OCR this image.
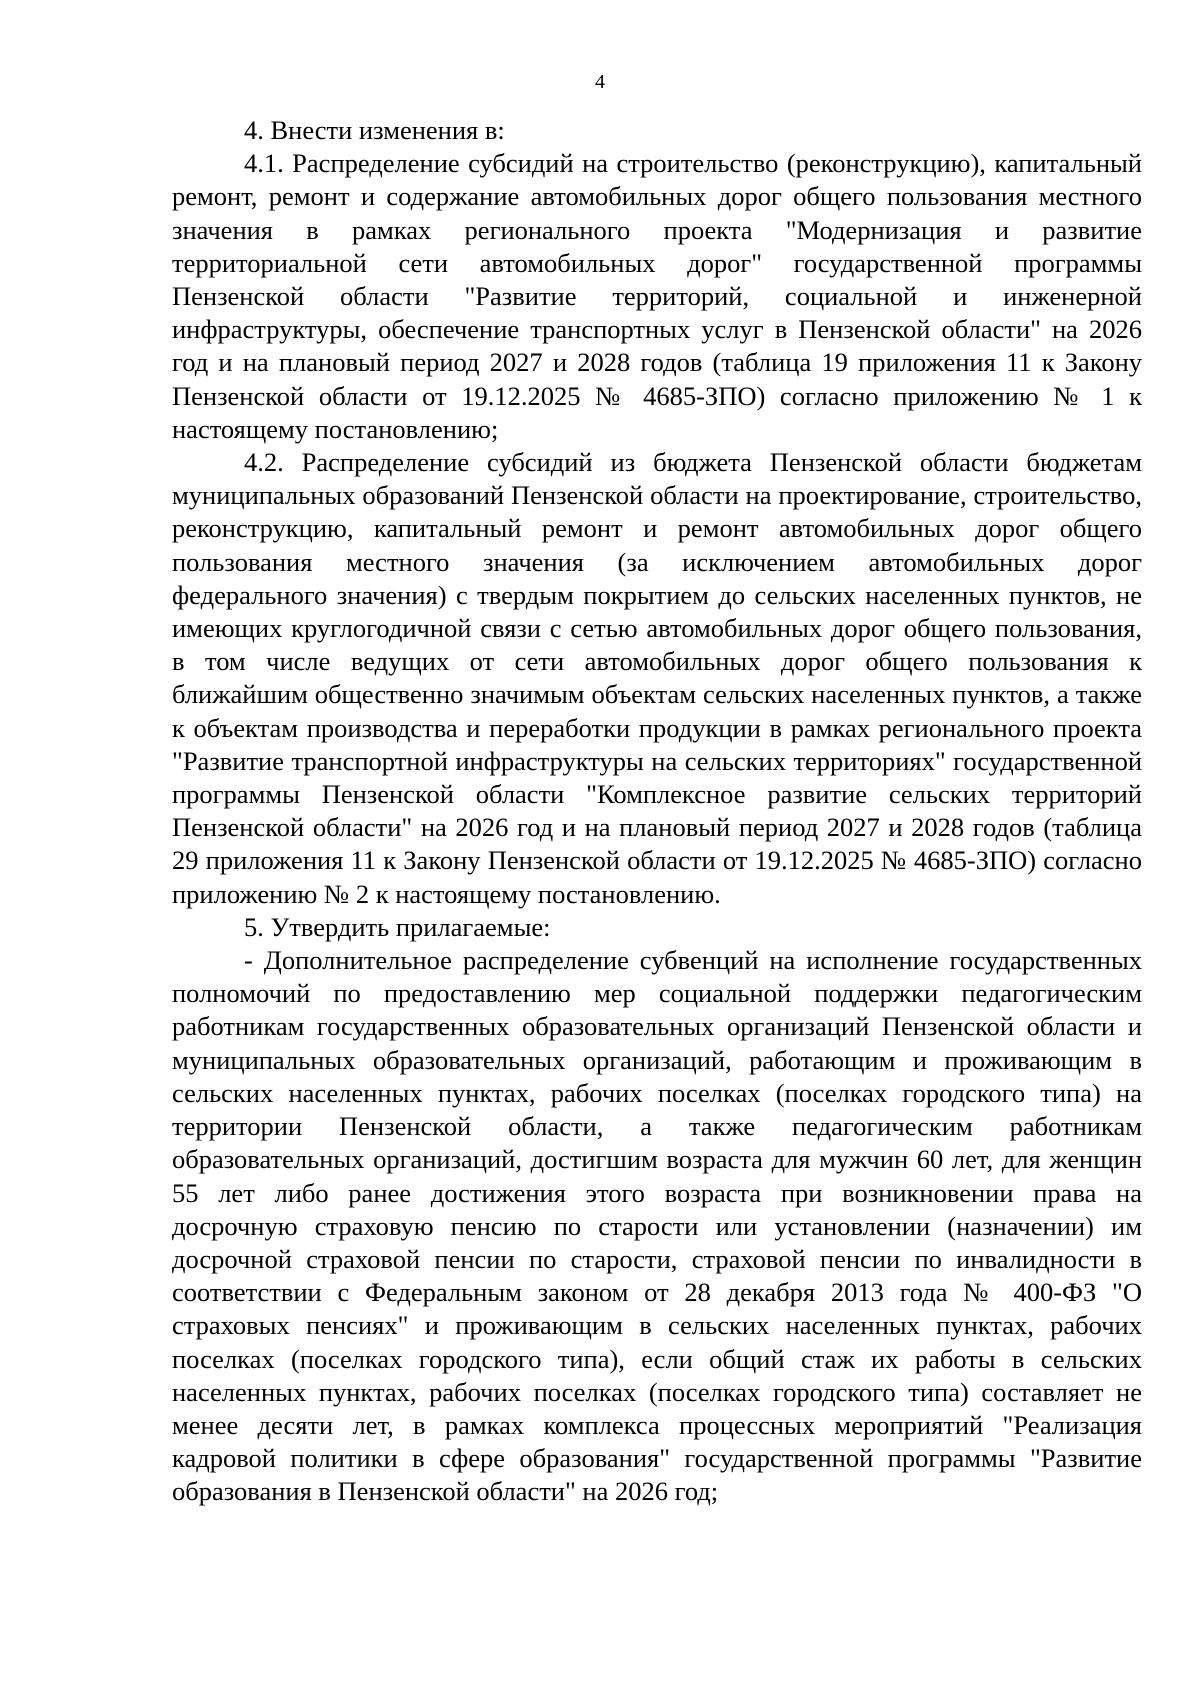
4

4. Внести изменения в:

4.1. Распределение субсидий на строительство (реконструкцию), капитальный ремонт, ремонт и содержание автомобильных дорог общего пользования местного значения в рамках регионального проекта "Модернизация и развитие территориальной сети автомобильных дорог" государственной программы Пензенской области "Развитие территорий, социальной и инженерной инфраструктуры, обеспечение транспортных услуг в Пензенской области" на 2026 год и на плановый период 2027 и 2028 годов (таблица 19 приложения 11 к Закону Пензенской области от 19.12.2025 № 4685-ЗПО) согласно приложению № 1 к настоящему постановлению;

4.2. Распределение субсидий из бюджета Пензенской области бюджетам муниципальных образований Пензенской области на проектирование, строительство, реконструкцию, капитальный ремонт и ремонт автомобильных дорог общего пользования местного значения (за исключением автомобильных дорог федерального значения) с твердым покрытием до сельских населенных пунктов, не имеющих круглогодичной связи с сетью автомобильных дорог общего пользования, в том числе ведущих от сети автомобильных дорог общего пользования к ближайшим общественно значимым объектам сельских населенных пунктов, а также к объектам производства и переработки продукции в рамках регионального проекта "Развитие транспортной инфраструктуры на сельских территориях" государственной программы Пензенской области "Комплексное развитие сельских территорий Пензенской области" на 2026 год и на плановый период 2027 и 2028 годов (таблица 29 приложения 11 к Закону Пензенской области от 19.12.2025 № 4685-ЗПО) согласно приложению № 2 к настоящему постановлению.

5. Утвердить прилагаемые:

- Дополнительное распределение субвенций на исполнение государственных полномочий по предоставлению мер социальной поддержки педагогическим работникам государственных образовательных организаций Пензенской области и муниципальных образовательных организаций, работающим и проживающим в сельских населенных пунктах, рабочих поселках (поселках городского типа) на территории Пензенской области, а также педагогическим работникам образовательных организаций, достигшим возраста для мужчин 60 лет, для женщин 55 лет либо ранее достижения этого возраста при возникновении права на досрочную страховую пенсию по старости или установлении (назначении) им досрочной страховой пенсии по старости, страховой пенсии по инвалидности в соответствии с Федеральным законом от 28 декабря 2013 года № 400-ФЗ "О страховых пенсиях" и проживающим в сельских населенных пунктах, рабочих поселках (поселках городского типа), если общий стаж их работы в сельских населенных пунктах, рабочих поселках (поселках городского типа) составляет не менее десяти лет, в рамках комплекса процессных мероприятий "Реализация кадровой политики в сфере образования" государственной программы "Развитие образования в Пензенской области" на 2026 год;
